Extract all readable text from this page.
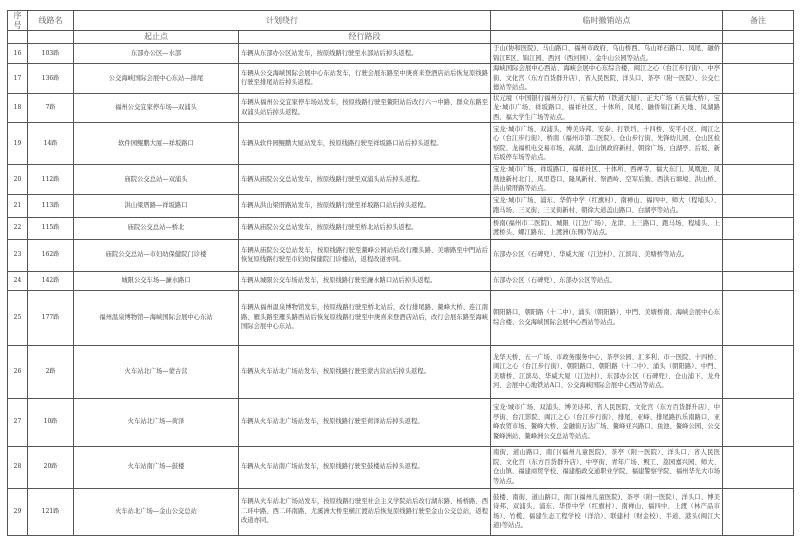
序号	线路名	计划绕行		临时撤销站点	备注
		起止点	经行路段		
16	103路	东部办公区—水部	车辆从东部办公区站发车，按原线路行驶至水部站后掉头返程。	于山(协和医院)、马山路口、福州市政府、乌山桥西、乌山祥石路口、凤尾、融侨锦江E区、锦江园、西河（西河园）、金牛山公园等站点。	
17	136路	公交海峡国际会展中心东站—排尾	车辆从公交海峡国际会展中心东站发车，行驶会展东路至中庚喜来登酒店站后恢复原线路行驶至排尾站后掉头返程。	海峡国际会展中心西站、海峡会展中心东综合楼、闽江之心（台江步行街）、中亭街、文化宫（东方百货群升店）、省人民医院、洋头口、茶亭（附一医院）、公交仁德站等站点。	
18	7路	福州公交宜家停车场—双浦头	车辆从福州公交宜家停车场站发车，按原线路行驶至鳌阳站后改行六一中路、群众东路至双浦头站后掉头返程。	状元境（中国银行福州分行）、五福大桥（铁道大厦）、正大广场（五福大桥）、宝龙·城市广场、祥坂路口、福祥社区、十体所、凤尾、融侨锦江新天地、凤湖路西、福大学生广场等站点。	
19	14路	软件园鲲鹏大厦—祥坂路口	车辆从软件园鲲鹏大厦站发车，按原线路行驶至祥坂路口站后掉头返程。	宝龙·城市广场、双浦头、博美诗邦、安泰、打铁垱、十四桥、安平小区、闽江之心（台江步行街）、桥南（福州市第二医院）、仓山步行街、先锋幼儿园、仓山区检察院、龙福机电交易市场、高湖、盖山镇政府新村、朝徐广场、白湖亭、后坂、新后坂停车场等站点。	
20	112路	庙院公交总站—双浦头	车辆从庙院公交总站发车，按原线路行驶至双浦头站后掉头返程。	宝龙·城市广场、祥坂路口、福祥社区、十体所、西禅寺、福大东门、凤凰池、凤凰池新村北门、凤里巷口、隆凤新村、祭酒岭、空军后勤、西洪石塘境、洪山桥、洪山梁厝路等站点。	
21	113路	洪山梁厝路—祥坂路口	车辆从洪山梁厝路站发车，按原线路行驶至祥坂路口站后掉头返程。	宝龙·城市广场、浦东、华侨中学（红旗村）、南禅山、福四中、师大（程埔头）、跑马场、三叉街、三叉街新村、朝徐大道盖山路口、白湖亭等站点。	
22	115路	庙院公交总站—桥北	车辆从庙院公交总站发车，按原线路行驶至桥北站后掉头返程。	桥南(福州市二医院)、城限（江边广场）、龙津、上三路口、跑马场、程埔头、上渡桥头、螺江路东、上渡洲(东侧)等站点。	
23	162路	庙院公交总站—市妇幼保健院门诊楼	车辆从庙院公交总站发车，按原线路行驶至鳌峰公园站后改行雁头路、美塘路至中門站后恢复原线路行驶至市妇幼保健院门诊楼站，返程改道亦同。	东部办公区（石碑兜）、华威大厦（江边村）、江滨岛、美塘桥等站点。	
24	142路	城限公交车场—濂水路口	车辆从城限公交车场站发车，按原线路行驶至濂水路口站后掉头返程。	东部办公区（石碑兜）、东部办公区等站点。	
25	177路	福州温泉博物馆—海峡国际会展中心东站	车辆从福州温泉博物馆发车，按原线路行驶至桥北站后，改行排尾路、鳌峰大桥、连江南路、雁头路至雁头路西站后恢复原线路行驶至中庚喜来登酒店站后，改行会展东路至海峡国际会展中心东站。	朝阳路口、朝阳路（十二中）、涌头（朝阳路）、中門、美塘桥南、海峡会展中心东综合楼、公交海峡国际会展中心西站等站点。	
26	2路	火车站北广场—蒙古营	车辆从火车站北广场站发车，按原线路行驶至蒙古营站后掉头返程。	龙华天桥、五一广场、市政务服务中心、茶亭公园、汇多利、市一医院、十四桥、闽江之心（台江步行街）、朝阳路口、朝阳路（十二中）、涌头（朝阳路）、中門、美塘桥、江滨岛、华威大厦（江边村）、东部办公区（石碑兜）、仓山浦下、龙舟河、会展中心地铁站A口、公交海峡国际会展中心西站等站点。	
27	10路	火车站北广场—荷泽	车辆从火车站北广场站发车，按原线路行驶至荷泽站后掉头返程。	宝龙·城市广场、双浦头、博美诗邦、省人民医院、文化宫（东方百货群升店）、中亭街、台江影院、闽江之心（台江步行街）、排尾、亚峰、排尾路扒乐南路口、亚峰农贸市场、鳌峰大桥、金融街万达广场、鳌峰亚兴路口、鱼池、鳌峰公园、公交鳌峰洲站、鳌峰洲公交总站等站点。	
28	20路	火车站南广场—鼓楼	车辆从火车站南广场站发车，按原线路行驶至鼓楼站后掉头返程。	南街、道山路口、南门(福州儿童医院)、茶亭（附一医院）、洋头口、省人民医院、文化宫（东方百货群升店）、中亭街、青年广场、鲵工、荔园嘉兴园、师大、仓山镇、福建商贸学校、福建船政交通职业学院、福建警察学院、福州华光大市场等站点。	
29	121路	火车站北广场—金山公交总站	车辆从火车站北广场站发车，按原线路行驶至社会主义学院站后改行湖东路、杨桥路、西二环中路、西二环南路、尤溪洲大桥至横江渡站后恢复原线路行驶至金山公交总站，返程改道亦同。	鼓楼、南街、道山路口、南门(福州儿童医院)、茶亭（附一医院）、洋头口、博美诗邦、双浦头、浦东、华侨中学（红旗村）、南禅山、福四中、上渡（林产品市场）、竹榄、福建生态工程学校（洋洽）、联建村（财金校）、半道、港头(闽江大道)等站点。	
